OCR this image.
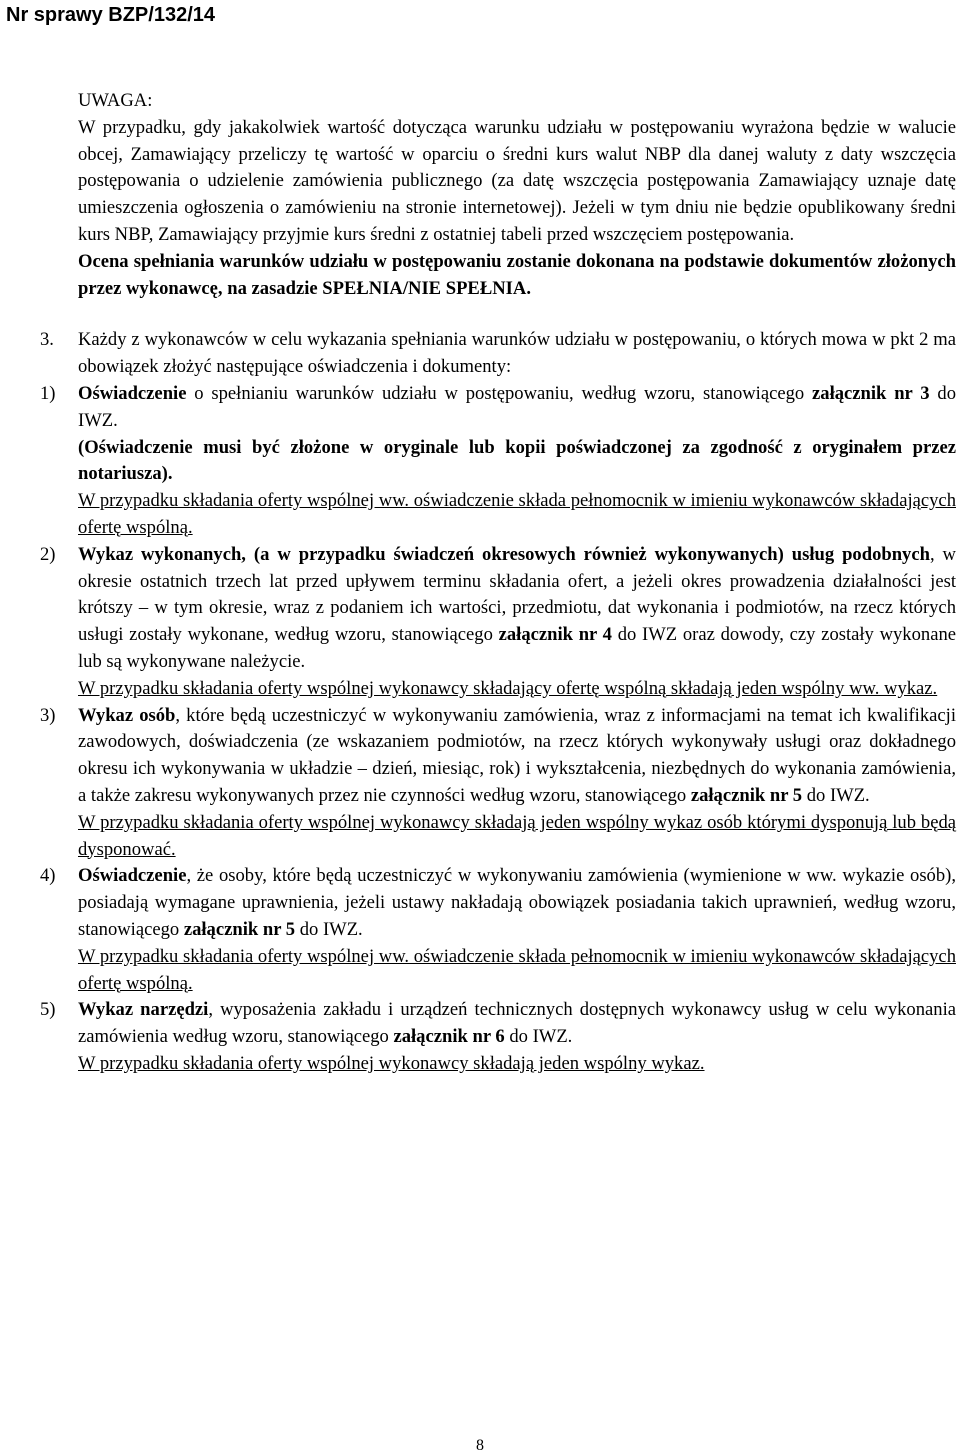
Nr sprawy BZP/132/14

UWAGA:

W przypadku, gdy jakakolwiek wartość dotycząca warunku udziału w postępowaniu wyrażona będzie w walucie obcej, Zamawiający przeliczy tę wartość w oparciu o średni kurs walut NBP dla danej waluty z daty wszczęcia postępowania o udzielenie zamówienia publicznego (za datę wszczęcia postępowania Zamawiający uznaje datę umieszczenia ogłoszenia o zamówieniu na stronie internetowej). Jeżeli w tym dniu nie będzie opublikowany średni kurs NBP, Zamawiający przyjmie kurs średni z ostatniej tabeli przed wszczęciem postępowania.

Ocena spełniania warunków udziału w postępowaniu zostanie dokonana na podstawie dokumentów złożonych przez wykonawcę, na zasadzie SPEŁNIA/NIE SPEŁNIA.

3. Każdy z wykonawców w celu wykazania spełniania warunków udziału w postępowaniu, o których mowa w pkt 2 ma obowiązek złożyć następujące oświadczenia i dokumenty:

1) Oświadczenie o spełnianiu warunków udziału w postępowaniu, według wzoru, stanowiącego załącznik nr 3 do IWZ.

(Oświadczenie musi być złożone w oryginale lub kopii poświadczonej za zgodność z oryginałem przez notariusza).

W przypadku składania oferty wspólnej ww. oświadczenie składa pełnomocnik w imieniu wykonawców składających ofertę wspólną.

2) Wykaz wykonanych, (a w przypadku świadczeń okresowych również wykonywanych) usług podobnych, w okresie ostatnich trzech lat przed upływem terminu składania ofert, a jeżeli okres prowadzenia działalności jest krótszy – w tym okresie, wraz z podaniem ich wartości, przedmiotu, dat wykonania i podmiotów, na rzecz których usługi zostały wykonane, według wzoru, stanowiącego załącznik nr 4 do IWZ oraz dowody, czy zostały wykonane lub są wykonywane należycie.

W przypadku składania oferty wspólnej wykonawcy składający ofertę wspólną składają jeden wspólny ww. wykaz.

3) Wykaz osób, które będą uczestniczyć w wykonywaniu zamówienia, wraz z informacjami na temat ich kwalifikacji zawodowych, doświadczenia (ze wskazaniem podmiotów, na rzecz których wykonywały usługi oraz dokładnego okresu ich wykonywania w układzie – dzień, miesiąc, rok) i wykształcenia, niezbędnych do wykonania zamówienia, a także zakresu wykonywanych przez nie czynności według wzoru, stanowiącego załącznik nr 5 do IWZ.

W przypadku składania oferty wspólnej wykonawcy składają jeden wspólny wykaz osób którymi dysponują lub będą dysponować.

4) Oświadczenie, że osoby, które będą uczestniczyć w wykonywaniu zamówienia (wymienione w ww. wykazie osób), posiadają wymagane uprawnienia, jeżeli ustawy nakładają obowiązek posiadania takich uprawnień, według wzoru, stanowiącego załącznik nr 5 do IWZ.

W przypadku składania oferty wspólnej ww. oświadczenie składa pełnomocnik w imieniu wykonawców składających ofertę wspólną.

5) Wykaz narzędzi, wyposażenia zakładu i urządzeń technicznych dostępnych wykonawcy usług w celu wykonania zamówienia według wzoru, stanowiącego załącznik nr 6 do IWZ.

W przypadku składania oferty wspólnej wykonawcy składają jeden wspólny wykaz.

8
